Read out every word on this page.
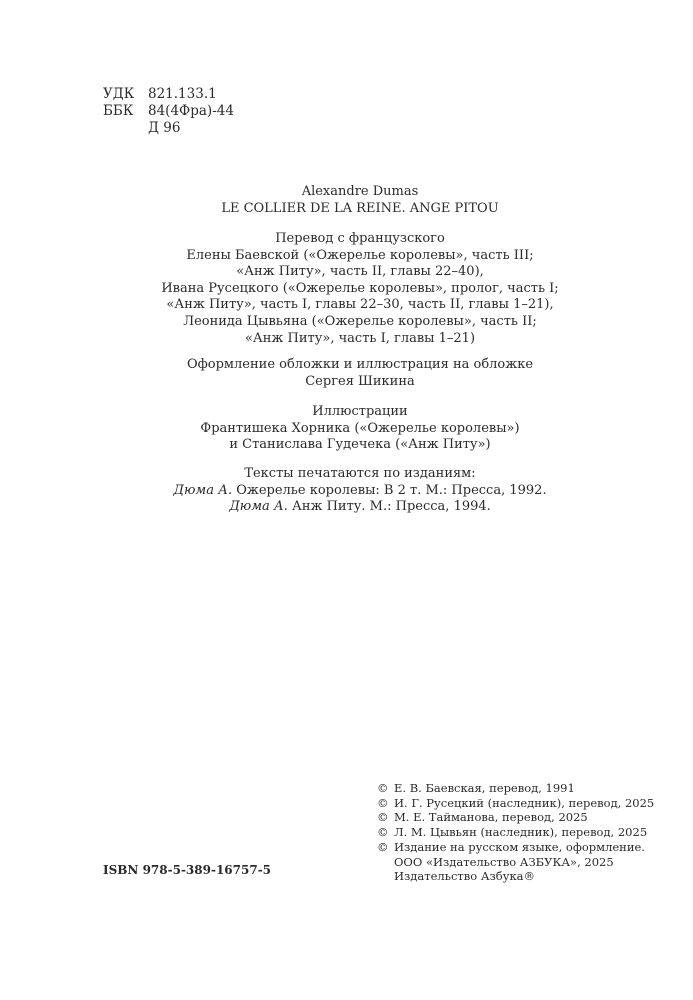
УДК 821.133.1
ББК 84(4Фра)-44
Д 96
Alexandre Dumas
LE COLLIER DE LA REINE. ANGE PITOU
Перевод с французского
Елены Баевской («Ожерелье королевы», часть III;
«Анж Питу», часть II, главы 22–40),
Ивана Русецкого («Ожерелье королевы», пролог, часть I;
«Анж Питу», часть I, главы 22–30, часть II, главы 1–21),
Леонида Цывьяна («Ожерелье королевы», часть II;
«Анж Питу», часть I, главы 1–21)
Оформление обложки и иллюстрация на обложке
Сергея Шикина
Иллюстрации
Франтишека Хорника («Ожерелье королевы»)
и Станислава Гудечека («Анж Питу»)
Тексты печатаются по изданиям:
Дюма А. Ожерелье королевы: В 2 т. М.: Пресса, 1992.
Дюма А. Анж Питу. М.: Пресса, 1994.
© Е. В. Баевская, перевод, 1991
© И. Г. Русецкий (наследник), перевод, 2025
© М. Е. Тайманова, перевод, 2025
© Л. М. Цывьян (наследник), перевод, 2025
© Издание на русском языке, оформление.
ООО «Издательство АЗБУКА», 2025
Издательство Азбука®
ISBN 978-5-389-16757-5
